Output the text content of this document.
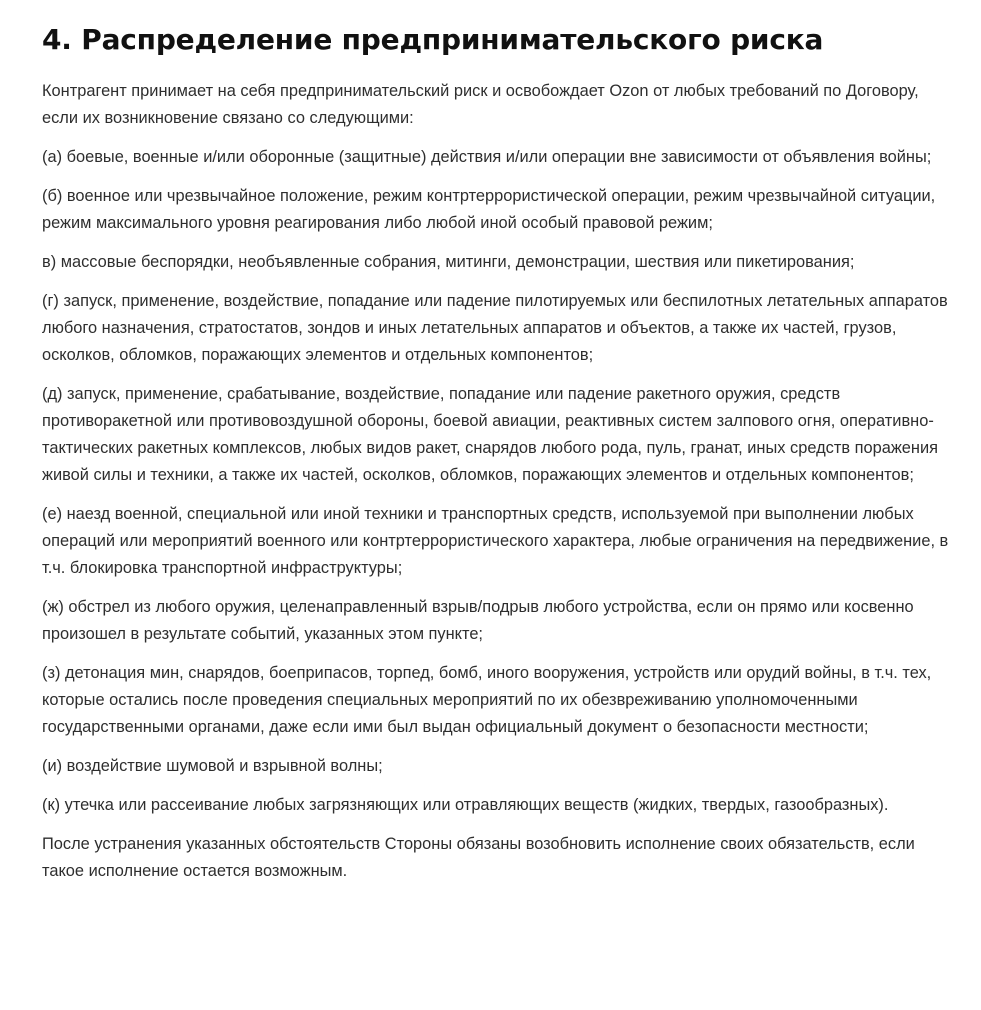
4. Распределение предпринимательского риска

Контрагент принимает на себя предпринимательский риск и освобождает Ozon от любых требований по Договору, если их возникновение связано со следующими:

(а) боевые, военные и/или оборонные (защитные) действия и/или операции вне зависимости от объявления войны;

(б) военное или чрезвычайное положение, режим контртеррористической операции, режим чрезвычайной ситуации, режим максимального уровня реагирования либо любой иной особый правовой режим;

в) массовые беспорядки, необъявленные собрания, митинги, демонстрации, шествия или пикетирования;

(г) запуск, применение, воздействие, попадание или падение пилотируемых или беспилотных летательных аппаратов любого назначения, стратостатов, зондов и иных летательных аппаратов и объектов, а также их частей, грузов, осколков, обломков, поражающих элементов и отдельных компонентов;

(д) запуск, применение, срабатывание, воздействие, попадание или падение ракетного оружия, средств противоракетной или противовоздушной обороны, боевой авиации, реактивных систем залпового огня, оперативно-тактических ракетных комплексов, любых видов ракет, снарядов любого рода, пуль, гранат, иных средств поражения живой силы и техники, а также их частей, осколков, обломков, поражающих элементов и отдельных компонентов;

(е) наезд военной, специальной или иной техники и транспортных средств, используемой при выполнении любых операций или мероприятий военного или контртеррористического характера, любые ограничения на передвижение, в т.ч. блокировка транспортной инфраструктуры;

(ж) обстрел из любого оружия, целенаправленный взрыв/подрыв любого устройства, если он прямо или косвенно произошел в результате событий, указанных этом пункте;

(з) детонация мин, снарядов, боеприпасов, торпед, бомб, иного вооружения, устройств или орудий войны, в т.ч. тех, которые остались после проведения специальных мероприятий по их обезвреживанию уполномоченными государственными органами, даже если ими был выдан официальный документ о безопасности местности;

(и) воздействие шумовой и взрывной волны;

(к) утечка или рассеивание любых загрязняющих или отравляющих веществ (жидких, твердых, газообразных).

После устранения указанных обстоятельств Стороны обязаны возобновить исполнение своих обязательств, если такое исполнение остается возможным.
